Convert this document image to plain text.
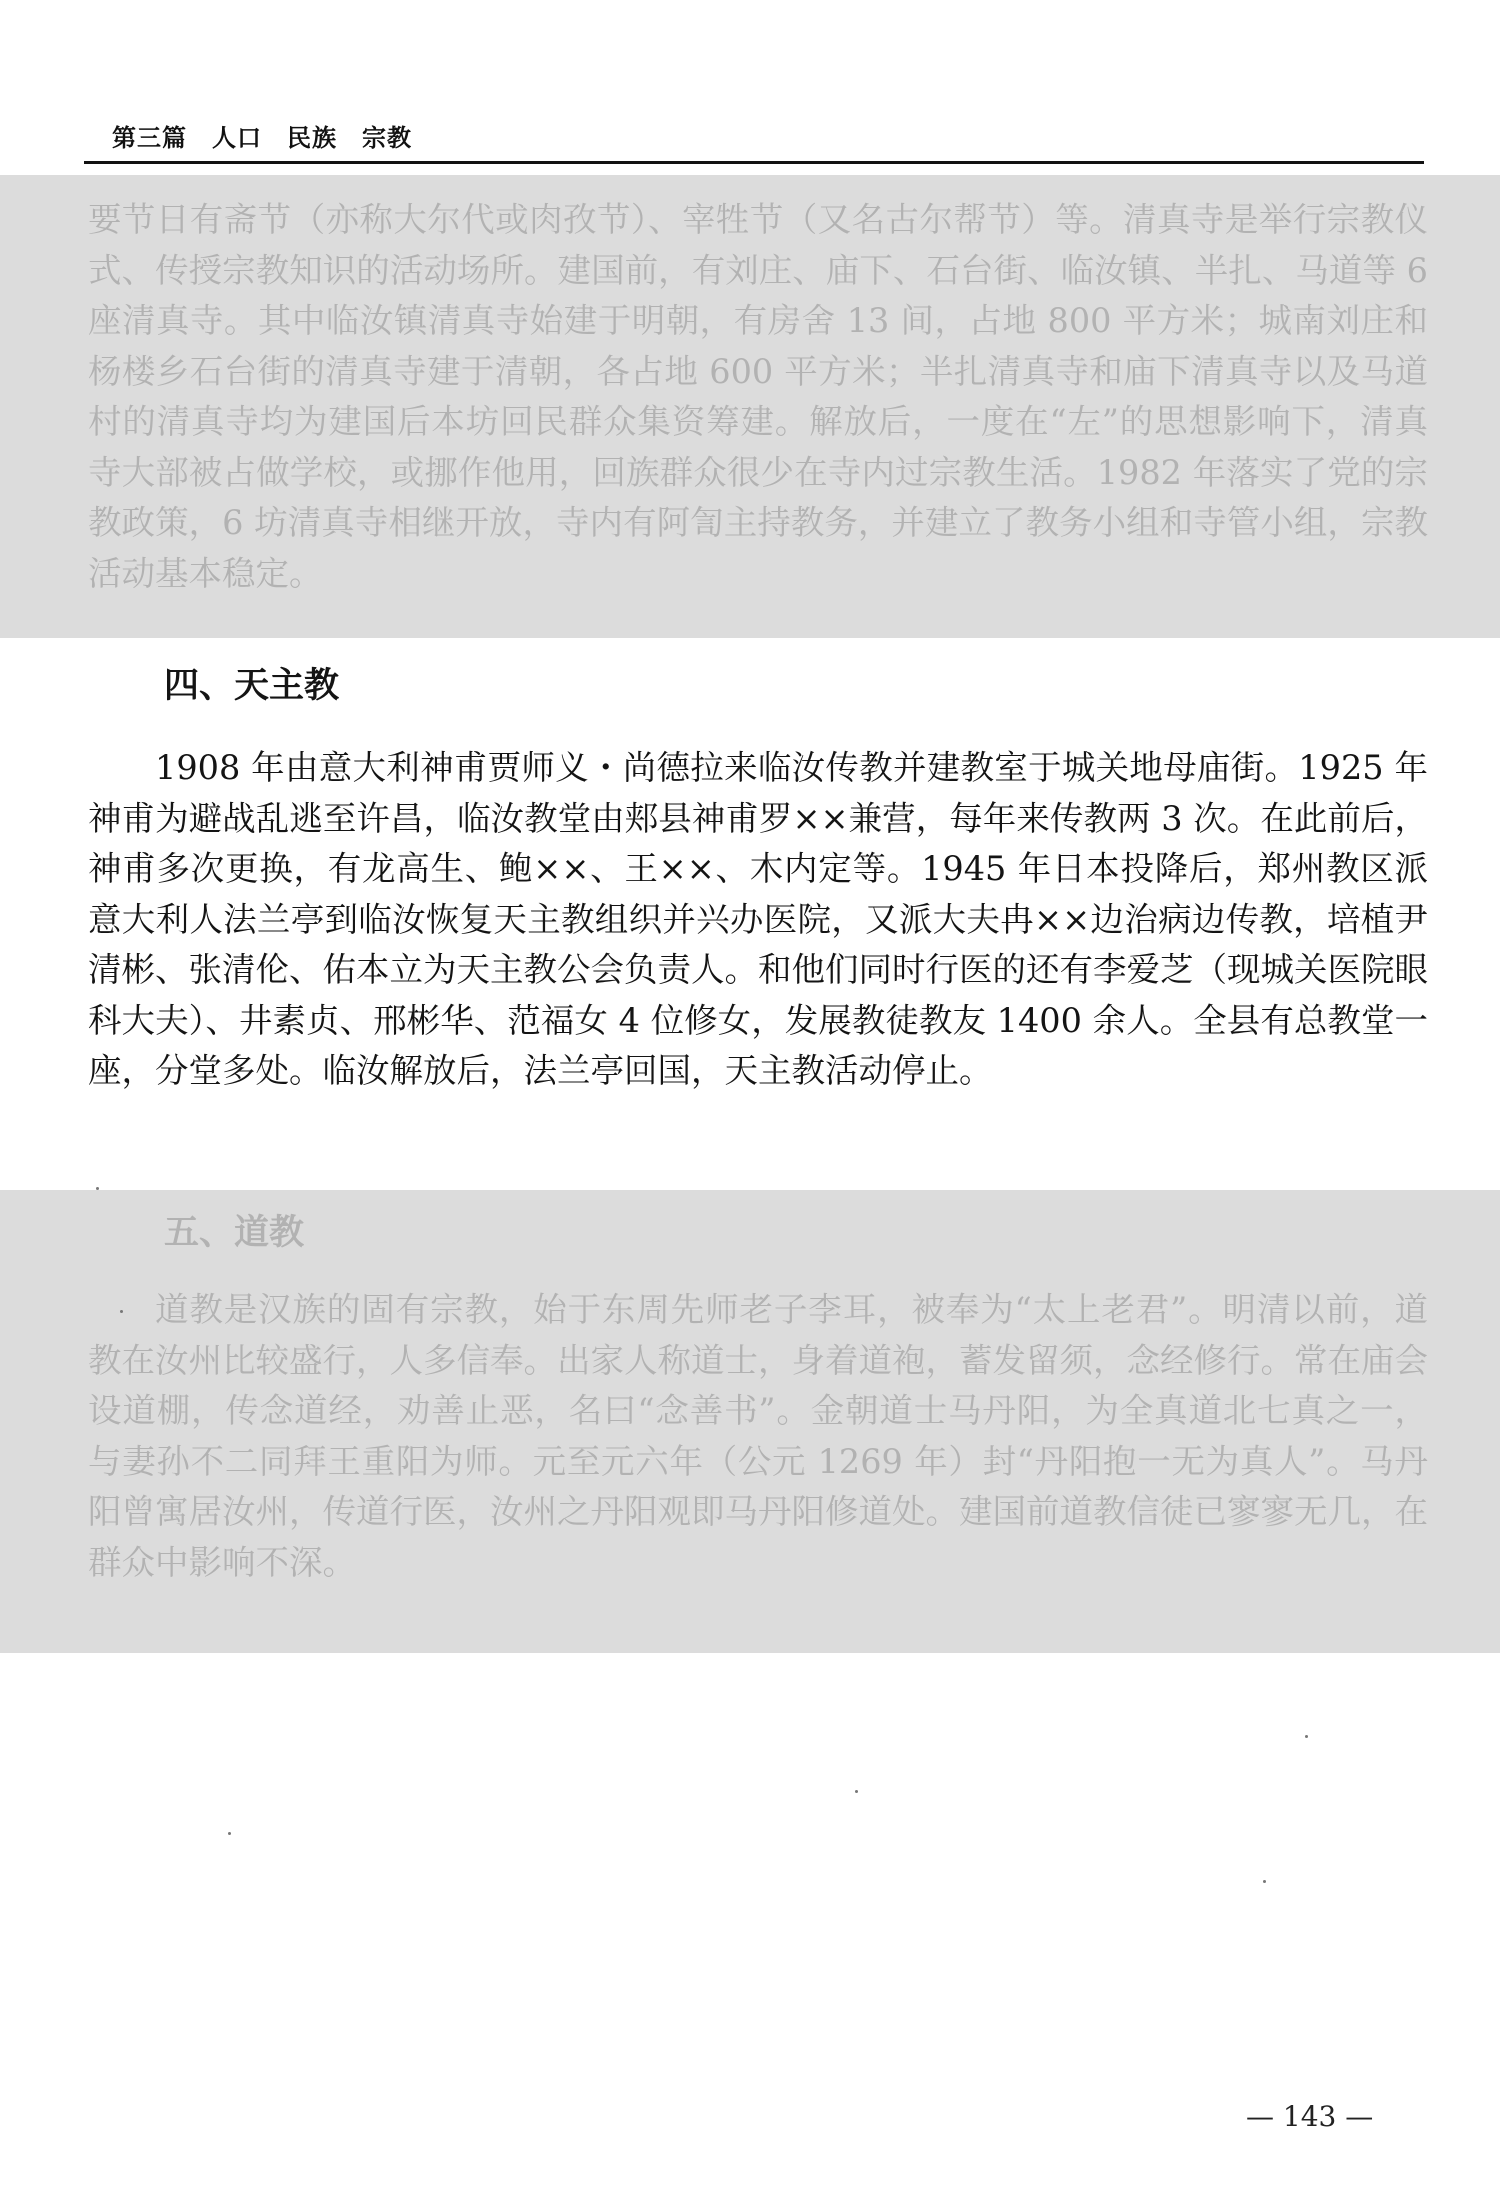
第三篇　人口　民族　宗教

要节日有斋节（亦称大尔代或肉孜节）、宰牲节（又名古尔帮节）等。清真寺是举行宗教仪式、传授宗教知识的活动场所。建国前，有刘庄、庙下、石台街、临汝镇、半扎、马道等 6 座清真寺。其中临汝镇清真寺始建于明朝，有房舍 13 间，占地 800 平方米；城南刘庄和杨楼乡石台街的清真寺建于清朝，各占地 600 平方米；半扎清真寺和庙下清真寺以及马道村的清真寺均为建国后本坊回民群众集资筹建。解放后，一度在“左”的思想影响下，清真寺大部被占做学校，或挪作他用，回族群众很少在寺内过宗教生活。1982 年落实了党的宗教政策，6 坊清真寺相继开放，寺内有阿訇主持教务，并建立了教务小组和寺管小组，宗教活动基本稳定。

四、天主教

1908 年由意大利神甫贾师义・尚德拉来临汝传教并建教室于城关地母庙街。1925 年神甫为避战乱逃至许昌，临汝教堂由郏县神甫罗××兼营，每年来传教两 3 次。在此前后，神甫多次更换，有龙高生、鲍××、王××、木内定等。1945 年日本投降后，郑州教区派意大利人法兰亭到临汝恢复天主教组织并兴办医院，又派大夫冉××边治病边传教，培植尹清彬、张清伦、佑本立为天主教公会负责人。和他们同时行医的还有李爱芝（现城关医院眼科大夫）、井素贞、邢彬华、范福女 4 位修女，发展教徒教友 1400 余人。全县有总教堂一座，分堂多处。临汝解放后，法兰亭回国，天主教活动停止。

五、道教

道教是汉族的固有宗教，始于东周先师老子李耳，被奉为“太上老君”。明清以前，道教在汝州比较盛行，人多信奉。出家人称道士，身着道袍，蓄发留须，念经修行。常在庙会设道棚，传念道经，劝善止恶，名曰“念善书”。金朝道士马丹阳，为全真道北七真之一，与妻孙不二同拜王重阳为师。元至元六年（公元 1269 年）封“丹阳抱一无为真人”。马丹阳曾寓居汝州，传道行医，汝州之丹阳观即马丹阳修道处。建国前道教信徒已寥寥无几，在群众中影响不深。

— 143 —
